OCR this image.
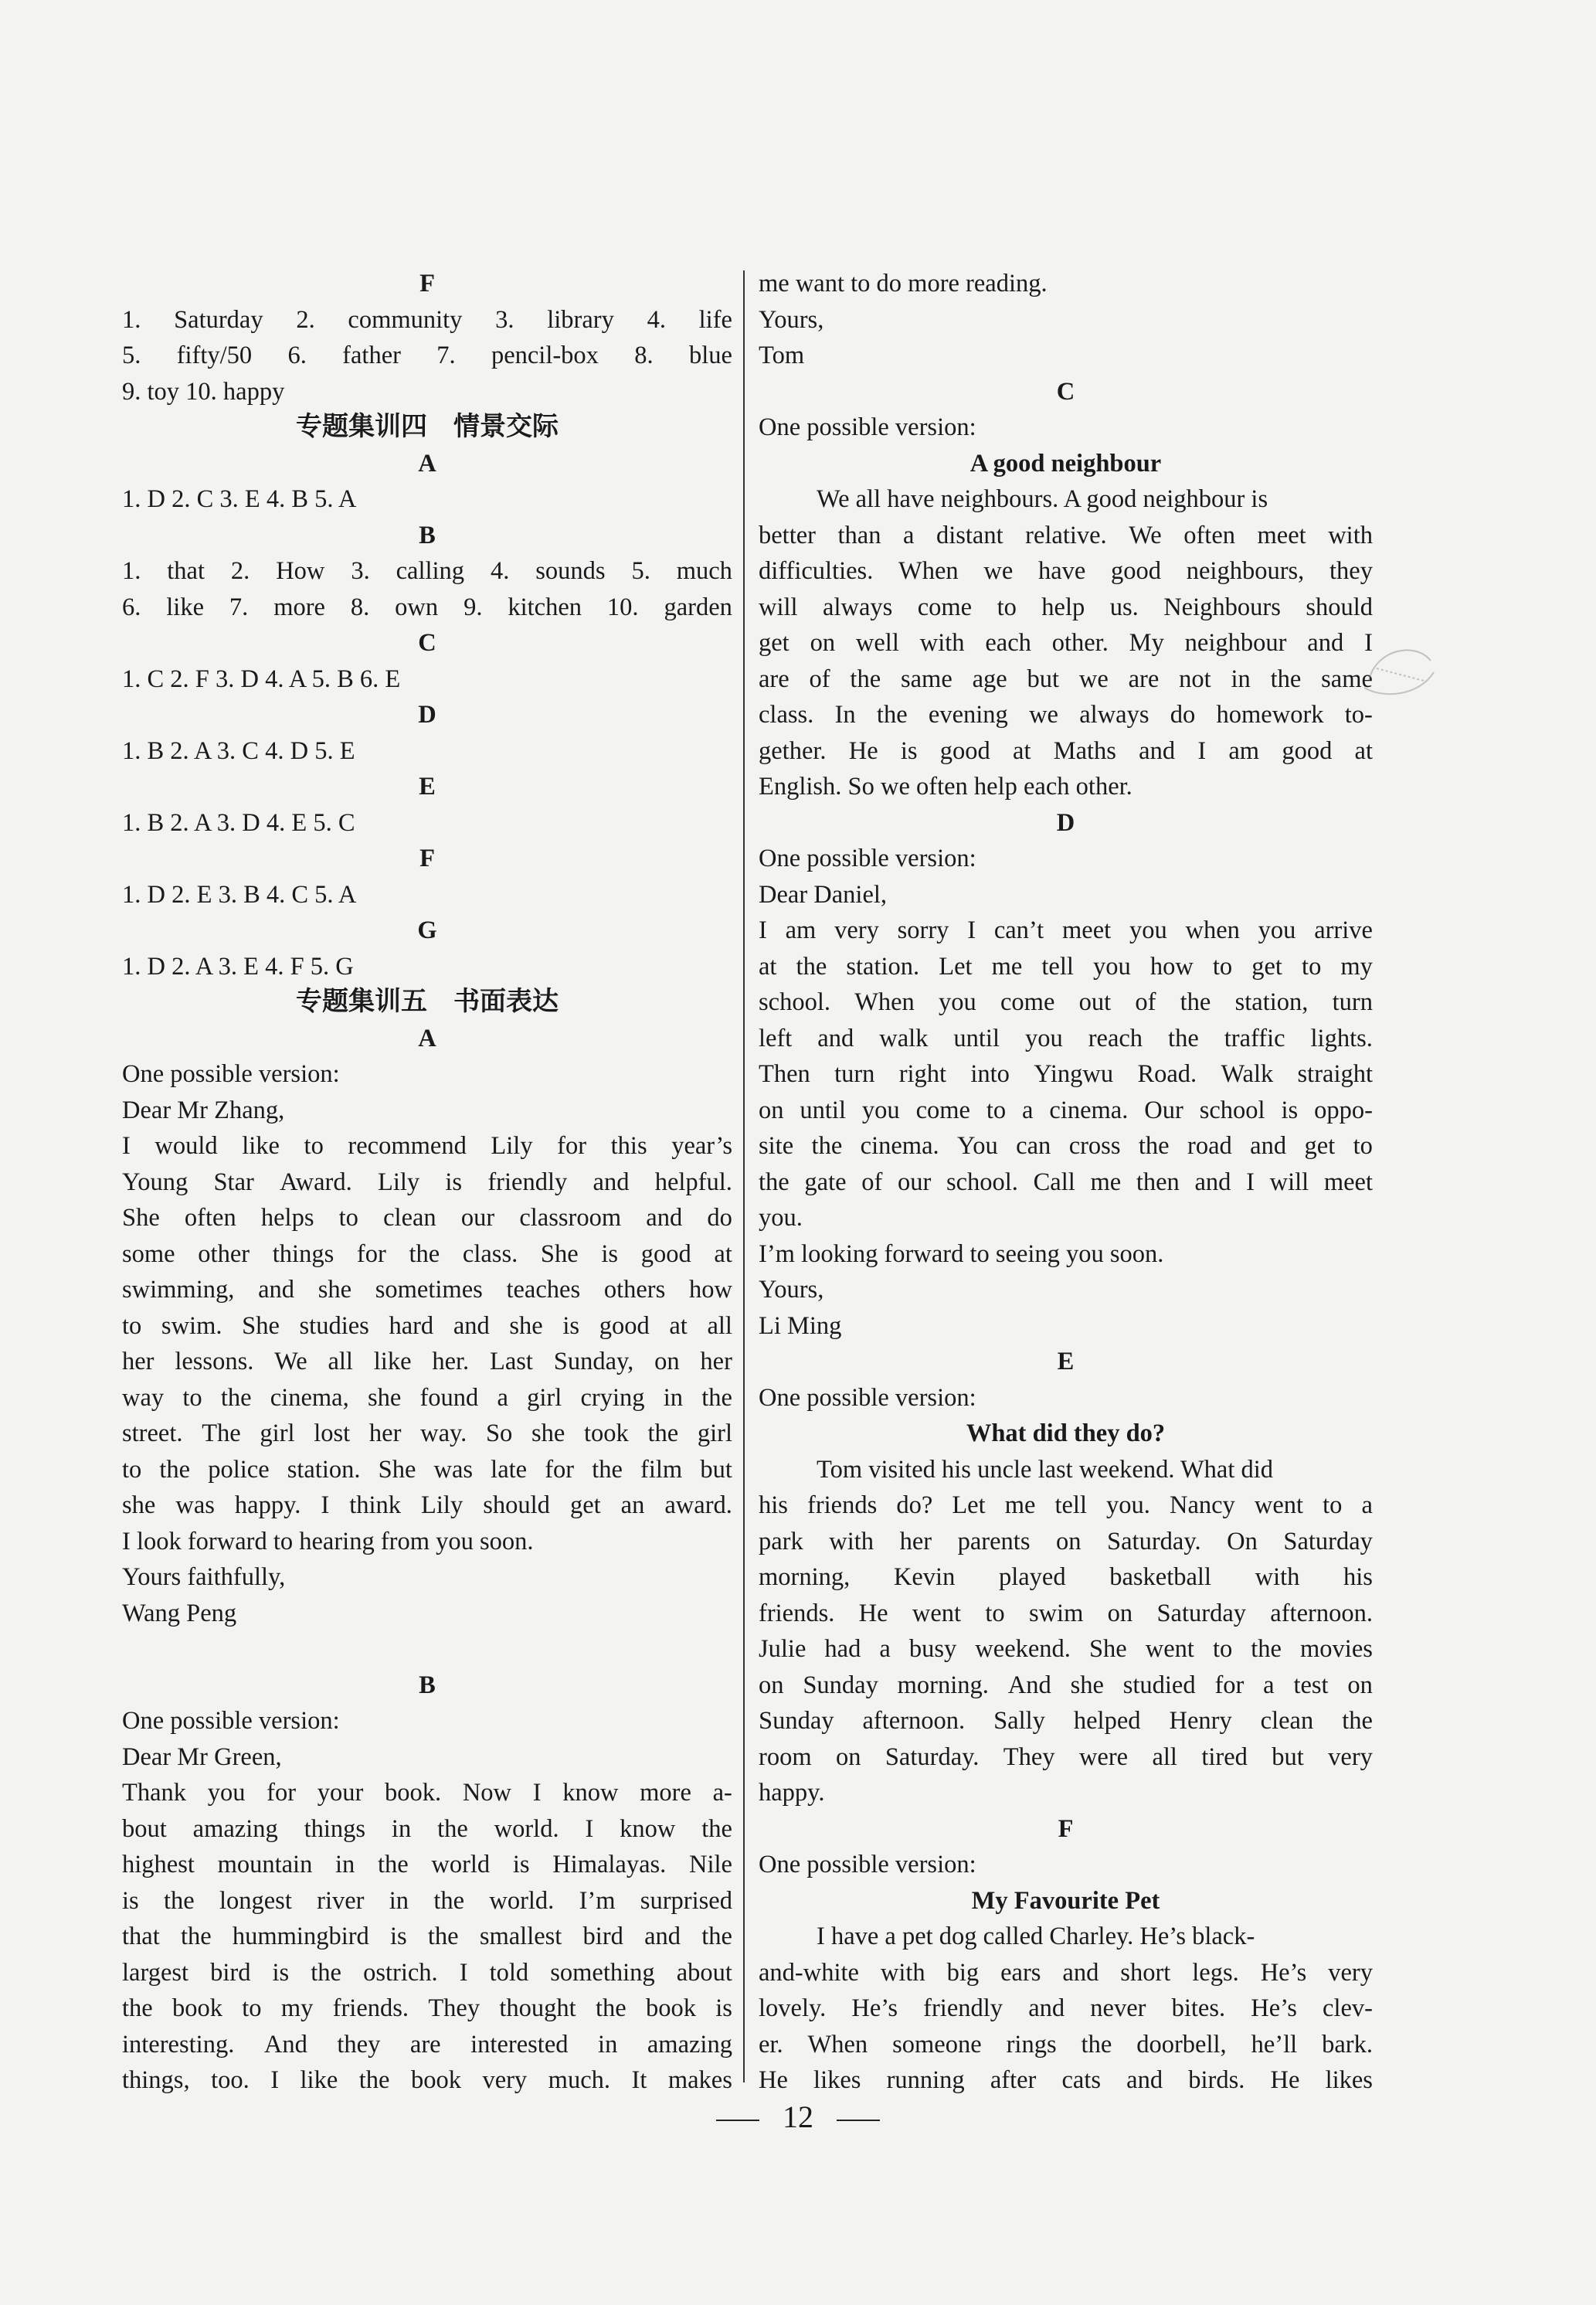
F
1. Saturday 2. community 3. library 4. life
5. fifty/50 6. father 7. pencil-box 8. blue
9. toy 10. happy
专题集训四　情景交际
A
1. D 2. C 3. E 4. B 5. A
B
1. that 2. How 3. calling 4. sounds 5. much
6. like 7. more 8. own 9. kitchen 10. garden
C
1. C 2. F 3. D 4. A 5. B 6. E
D
1. B 2. A 3. C 4. D 5. E
E
1. B 2. A 3. D 4. E 5. C
F
1. D 2. E 3. B 4. C 5. A
G
1. D 2. A 3. E 4. F 5. G
专题集训五　书面表达
A
One possible version:
Dear Mr Zhang,
I would like to recommend Lily for this year’s
Young Star Award. Lily is friendly and helpful.
She often helps to clean our classroom and do
some other things for the class. She is good at
swimming, and she sometimes teaches others how
to swim. She studies hard and she is good at all
her lessons. We all like her. Last Sunday, on her
way to the cinema, she found a girl crying in the
street. The girl lost her way. So she took the girl
to the police station. She was late for the film but
she was happy. I think Lily should get an award.
I look forward to hearing from you soon.
Yours faithfully,
Wang Peng
B
One possible version:
Dear Mr Green,
Thank you for your book. Now I know more a-
bout amazing things in the world. I know the
highest mountain in the world is Himalayas. Nile
is the longest river in the world. I’m surprised
that the hummingbird is the smallest bird and the
largest bird is the ostrich. I told something about
the book to my friends. They thought the book is
interesting. And they are interested in amazing
things, too. I like the book very much. It makes
me want to do more reading.
Yours,
Tom
C
One possible version:
A good neighbour
We all have neighbours. A good neighbour is
better than a distant relative. We often meet with
difficulties. When we have good neighbours, they
will always come to help us. Neighbours should
get on well with each other. My neighbour and I
are of the same age but we are not in the same
class. In the evening we always do homework to-
gether. He is good at Maths and I am good at
English. So we often help each other.
D
One possible version:
Dear Daniel,
I am very sorry I can’t meet you when you arrive
at the station. Let me tell you how to get to my
school. When you come out of the station, turn
left and walk until you reach the traffic lights.
Then turn right into Yingwu Road. Walk straight
on until you come to a cinema. Our school is oppo-
site the cinema. You can cross the road and get to
the gate of our school. Call me then and I will meet
you.
I’m looking forward to seeing you soon.
Yours,
Li Ming
E
One possible version:
What did they do?
Tom visited his uncle last weekend. What did
his friends do? Let me tell you. Nancy went to a
park with her parents on Saturday. On Saturday
morning, Kevin played basketball with his
friends. He went to swim on Saturday afternoon.
Julie had a busy weekend. She went to the movies
on Sunday morning. And she studied for a test on
Sunday afternoon. Sally helped Henry clean the
room on Saturday. They were all tired but very
happy.
F
One possible version:
My Favourite Pet
I have a pet dog called Charley. He’s black-
and-white with big ears and short legs. He’s very
lovely. He’s friendly and never bites. He’s clev-
er. When someone rings the doorbell, he’ll bark.
He likes running after cats and birds. He likes
12
